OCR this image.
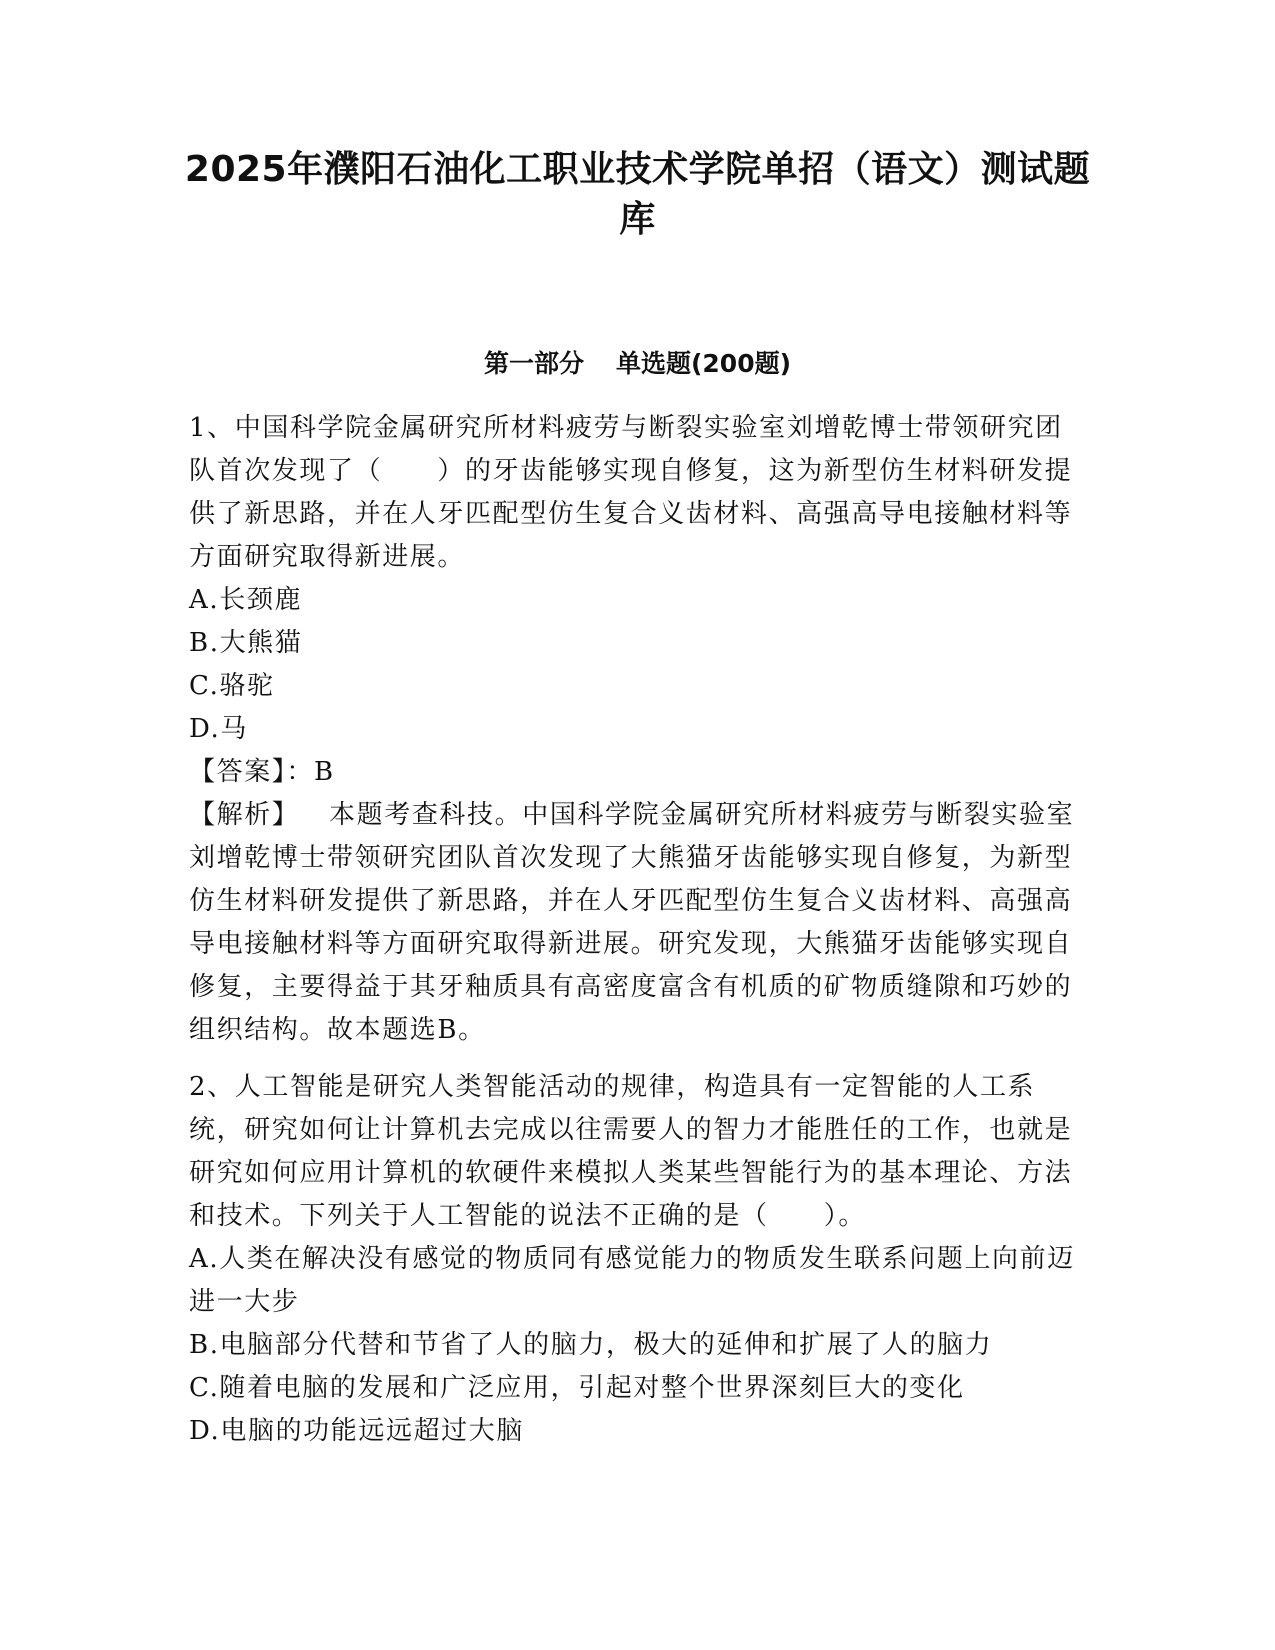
2025年濮阳石油化工职业技术学院单招（语文）测试题库
第一部分 单选题(200题)

1、中国科学院金属研究所材料疲劳与断裂实验室刘增乾博士带领研究团队首次发现了（　　）的牙齿能够实现自修复，这为新型仿生材料研发提供了新思路，并在人牙匹配型仿生复合义齿材料、高强高导电接触材料等方面研究取得新进展。

A.长颈鹿

B.大熊猫

C.骆驼

D.马

【答案】：B

【解析】 本题考查科技。中国科学院金属研究所材料疲劳与断裂实验室刘增乾博士带领研究团队首次发现了大熊猫牙齿能够实现自修复，为新型仿生材料研发提供了新思路，并在人牙匹配型仿生复合义齿材料、高强高导电接触材料等方面研究取得新进展。研究发现，大熊猫牙齿能够实现自修复，主要得益于其牙釉质具有高密度富含有机质的矿物质缝隙和巧妙的组织结构。故本题选B。

2、人工智能是研究人类智能活动的规律，构造具有一定智能的人工系统，研究如何让计算机去完成以往需要人的智力才能胜任的工作，也就是研究如何应用计算机的软硬件来模拟人类某些智能行为的基本理论、方法和技术。下列关于人工智能的说法不正确的是（　　）。

A.人类在解决没有感觉的物质同有感觉能力的物质发生联系问题上向前迈进一大步

B.电脑部分代替和节省了人的脑力，极大的延伸和扩展了人的脑力

C.随着电脑的发展和广泛应用，引起对整个世界深刻巨大的变化

D.电脑的功能远远超过大脑
